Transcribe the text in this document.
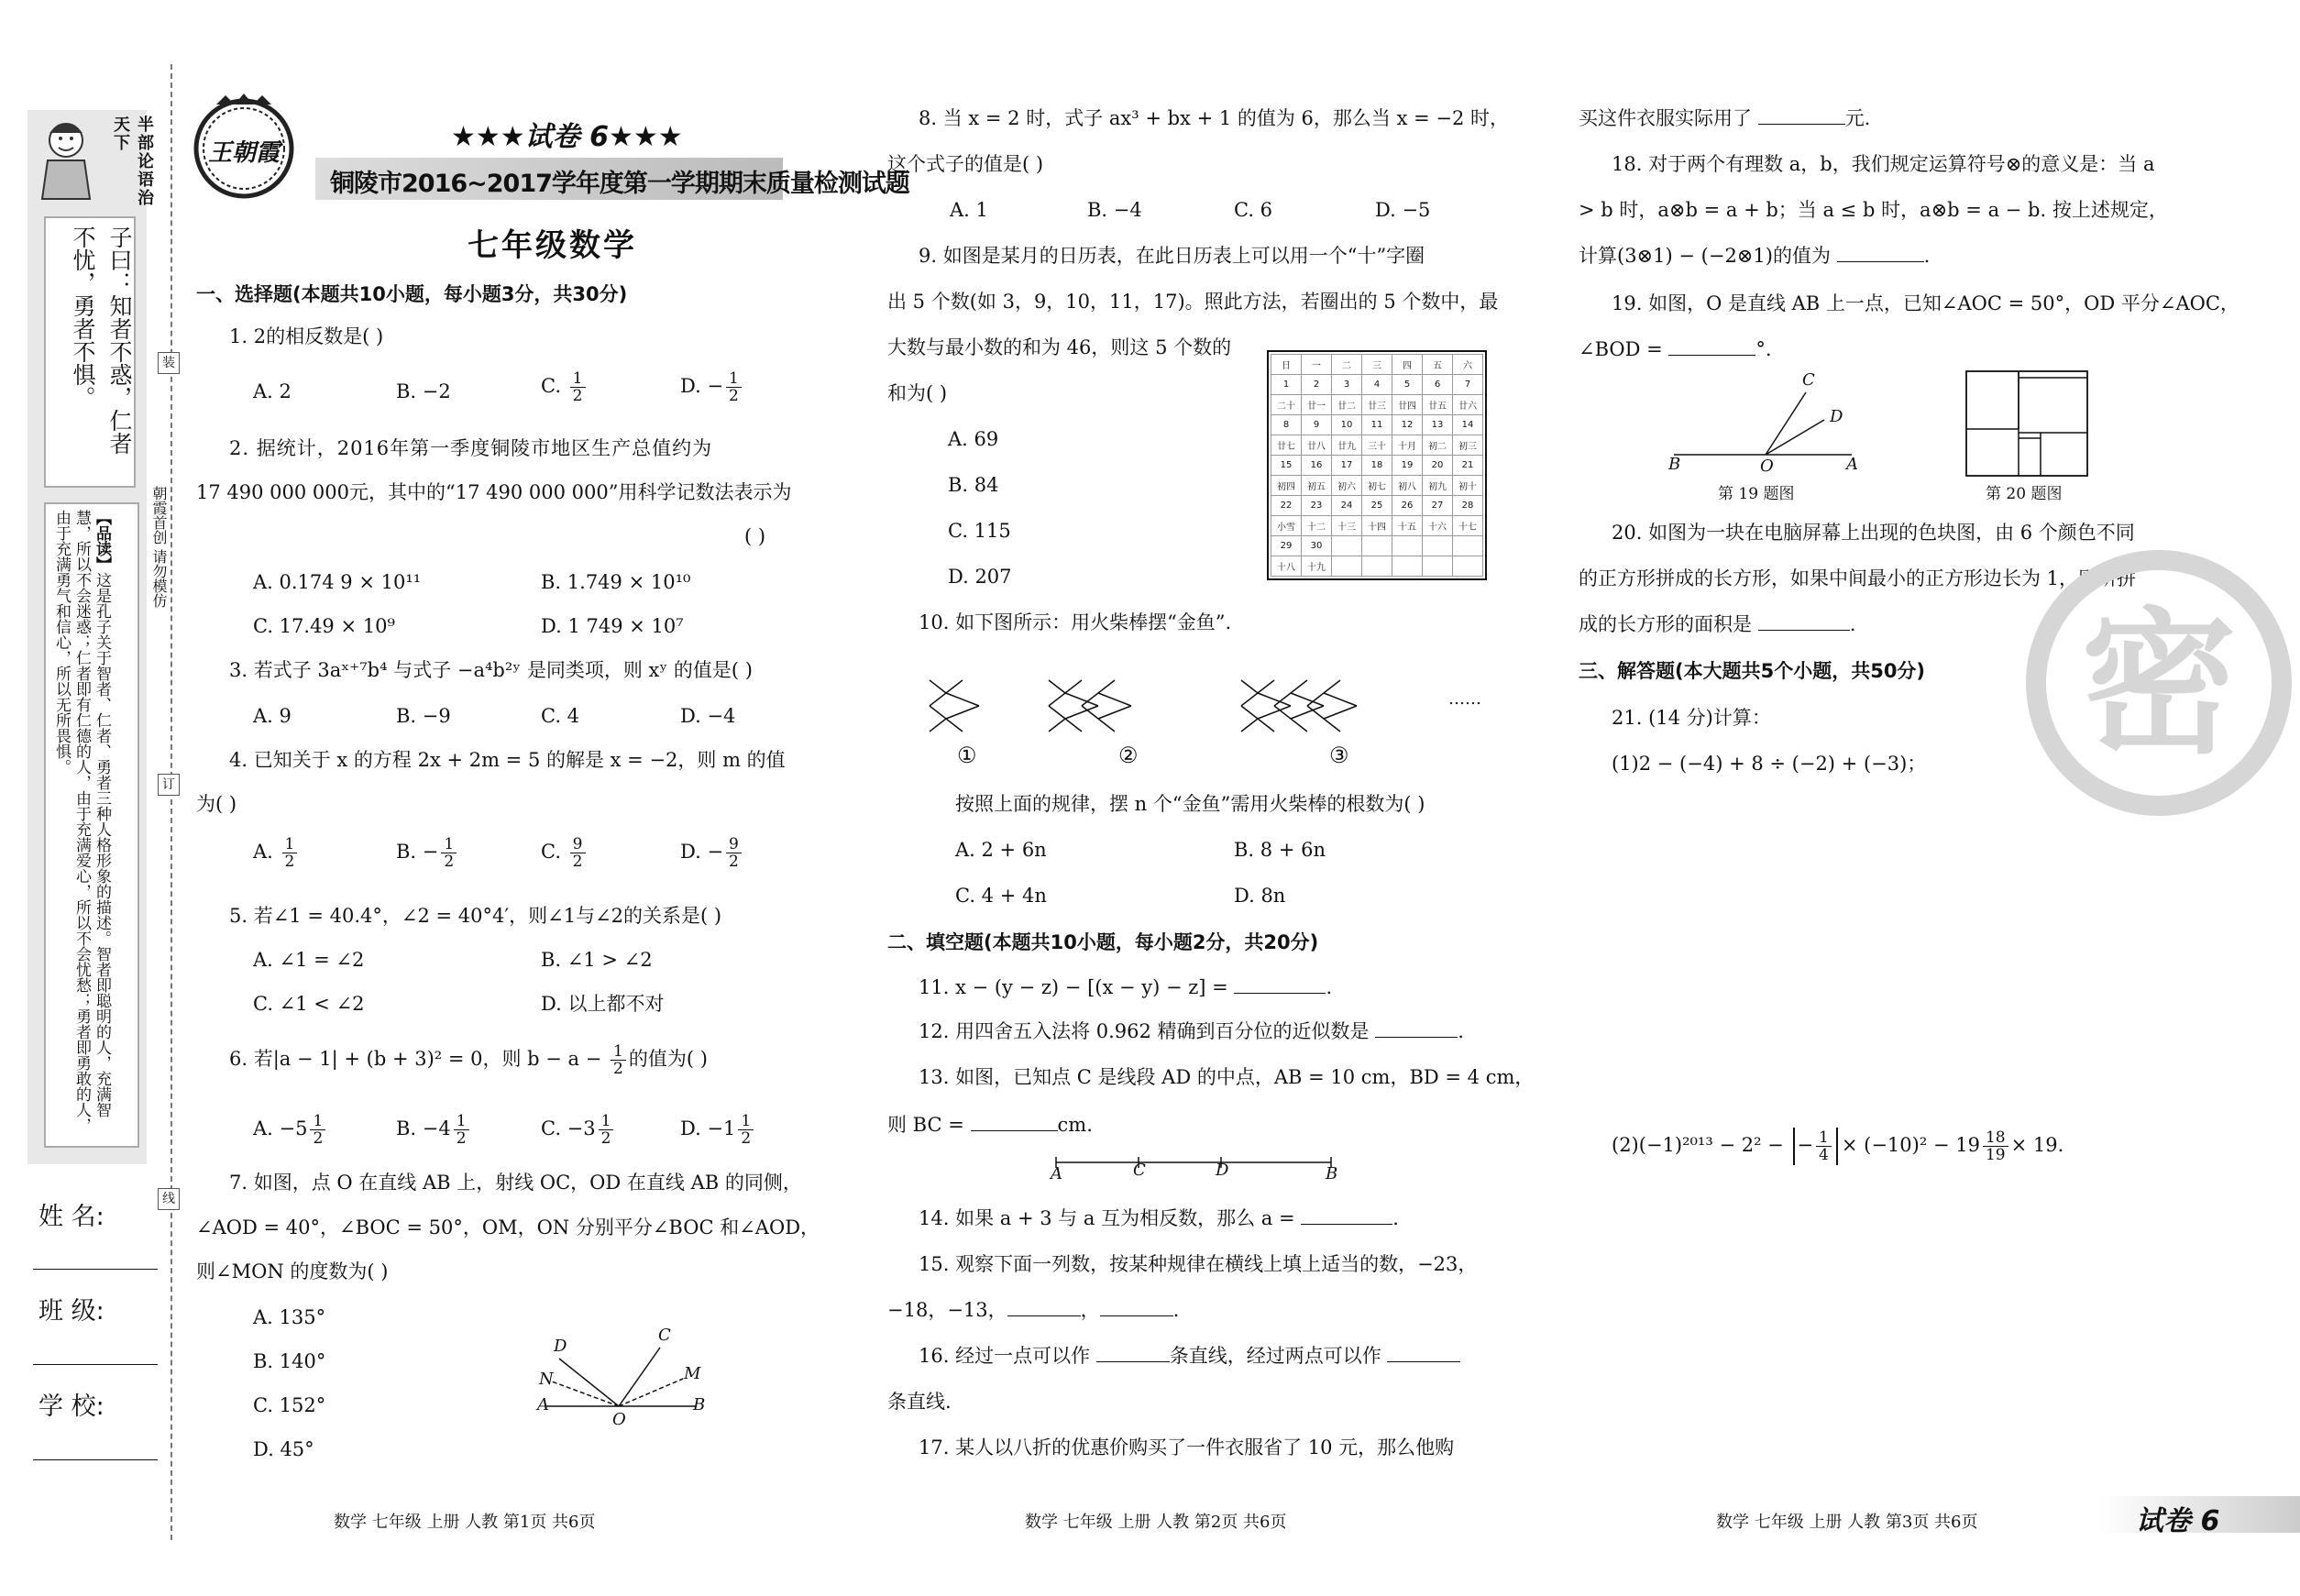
半部论语治天下
子曰：知者不惑，仁者不忧，勇者不惧。
【品读】这是孔子关于智者、仁者、勇者三种人格形象的描述。智者即聪明的人，充满智慧，所以不会迷惑；仁者即有仁德的人，由于充满爱心，所以不会忧愁；勇者即勇敢的人，由于充满勇气和信心，所以无所畏惧。
装
订
线
朝霞首创 请勿模仿
姓 名:
班 级:
学 校:
王朝霞	★★★试卷 6★★★
铜陵市2016~2017学年度第一学期期末质量检测试题
七年级数学
一、选择题(本题共10小题，每小题3分，共30分)
1. 2的相反数是( )
A. 2	B. −2	C. $\frac{1}{2}$	D. − $\frac{1}{2}$
2. 据统计，2016年第一季度铜陵市地区生产总值约为
17 490 000 000元，其中的“17 490 000 000”用科学记数法表示为
( )
A. 0.174 9 × 10¹¹	B. 1.749 × 10¹⁰
C. 17.49 × 10⁹	D. 1 749 × 10⁷
3. 若式子 3aˣ⁺⁷b⁴ 与式子 −a⁴b²ʸ 是同类项，则 xʸ 的值是( )
A. 9	B. −9	C. 4	D. −4
4. 已知关于 x 的方程 2x + 2m = 5 的解是 x = −2，则 m 的值
为( )
A. $\frac{1}{2}$	B. − $\frac{1}{2}$	C. $\frac{9}{2}$	D. − $\frac{9}{2}$
5. 若∠1 = 40.4°，∠2 = 40°4′，则∠1与∠2的关系是( )
A. ∠1 = ∠2	B. ∠1 > ∠2
C. ∠1 < ∠2	D. 以上都不对
6. 若|a − 1| + (b + 3)² = 0，则 $b - a - \frac{1}{2}$ 的值为( )
A. $-5 \frac{1}{2}$	B. $-4 \frac{1}{2}$	C. $-3 \frac{1}{2}$	D. $-1 \frac{1}{2}$
7. 如图，点 O 在直线 AB 上，射线 OC，OD 在直线 AB 的同侧，
∠AOD = 40°，∠BOC = 50°，OM，ON 分别平分∠BOC 和∠AOD，
则∠MON 的度数为( )
A. 135°
B. 140°
C. 152°
D. 45°
D
C
N	M
A
O
B
数学 七年级 上册 人教 第1页 共6页
8. 当 x = 2 时，式子 ax³ + bx + 1 的值为 6，那么当 x = −2 时，
这个式子的值是( )
A. 1	B. −4	C. 6	D. −5
9. 如图是某月的日历表，在此日历表上可以用一个“十”字圈
出 5 个数(如 3，9，10，11，17)。照此方法，若圈出的 5 个数中，最
大数与最小数的和为 46，则这 5 个数的
和为( )
A. 69
B. 84
C. 115
D. 207
日	一	二	三	四	五	六
1	2	3	4	5	6	7
二十	廿一	廿二	廿三	廿四	廿五	廿六
8	9	10	11	12	13	14
廿七	廿八	廿九	三十	十月	初二	初三
15	16	17	18	19	20	21
初四	初五	初六	初七	初八	初九	初十
22	23	24	25	26	27	28
小雪	十二	十三	十四	十五	十六	十七
29	30					
十八	十九					
10. 如下图所示：用火柴棒摆“金鱼”.
①	②	③
……
按照上面的规律，摆 n 个“金鱼”需用火柴棒的根数为( )
A. 2 + 6n	B. 8 + 6n
C. 4 + 4n	D. 8n
二、填空题(本题共10小题，每小题2分，共20分)
11. x − (y − z) − [(x − y) − z] =	.
12. 用四舍五入法将 0.962 精确到百分位的近似数是	.
13. 如图，已知点 C 是线段 AD 的中点，AB = 10 cm，BD = 4 cm，
则 BC =	cm.
A	C	D	B
14. 如果 a + 3 与 a 互为相反数，那么 a =	.
15. 观察下面一列数，按某种规律在横线上填上适当的数，−23，
−18，−13，	，	.
16. 经过一点可以作	条直线，经过两点可以作
条直线.
17. 某人以八折的优惠价购买了一件衣服省了 10 元，那么他购
数学 七年级 上册 人教 第2页 共6页
买这件衣服实际用了	元.
18. 对于两个有理数 a，b，我们规定运算符号⊗的意义是：当 a
> b 时，a⊗b = a + b；当 a ≤ b 时，a⊗b = a − b. 按上述规定，
计算(3⊗1) − (−2⊗1)的值为	.
19. 如图，O 是直线 AB 上一点，已知∠AOC = 50°，OD 平分∠AOC，
∠BOD =	°.
C
D
B	O	A
第 19 题图	第 20 题图
20. 如图为一块在电脑屏幕上出现的色块图，由 6 个颜色不同
的正方形拼成的长方形，如果中间最小的正方形边长为 1，则所拼
成的长方形的面积是	.
三、解答题(本大题共5个小题，共50分)
21. (14 分)计算：
(1)2 − (−4) + 8 ÷ (−2) + (−3)；
(2)(−1)²⁰¹³ − 2² − − $\frac{1}{4} \times (-10)^2 - 19 \frac{18}{19} \times 19$.
密
数学 七年级 上册 人教 第3页 共6页	试卷 6
